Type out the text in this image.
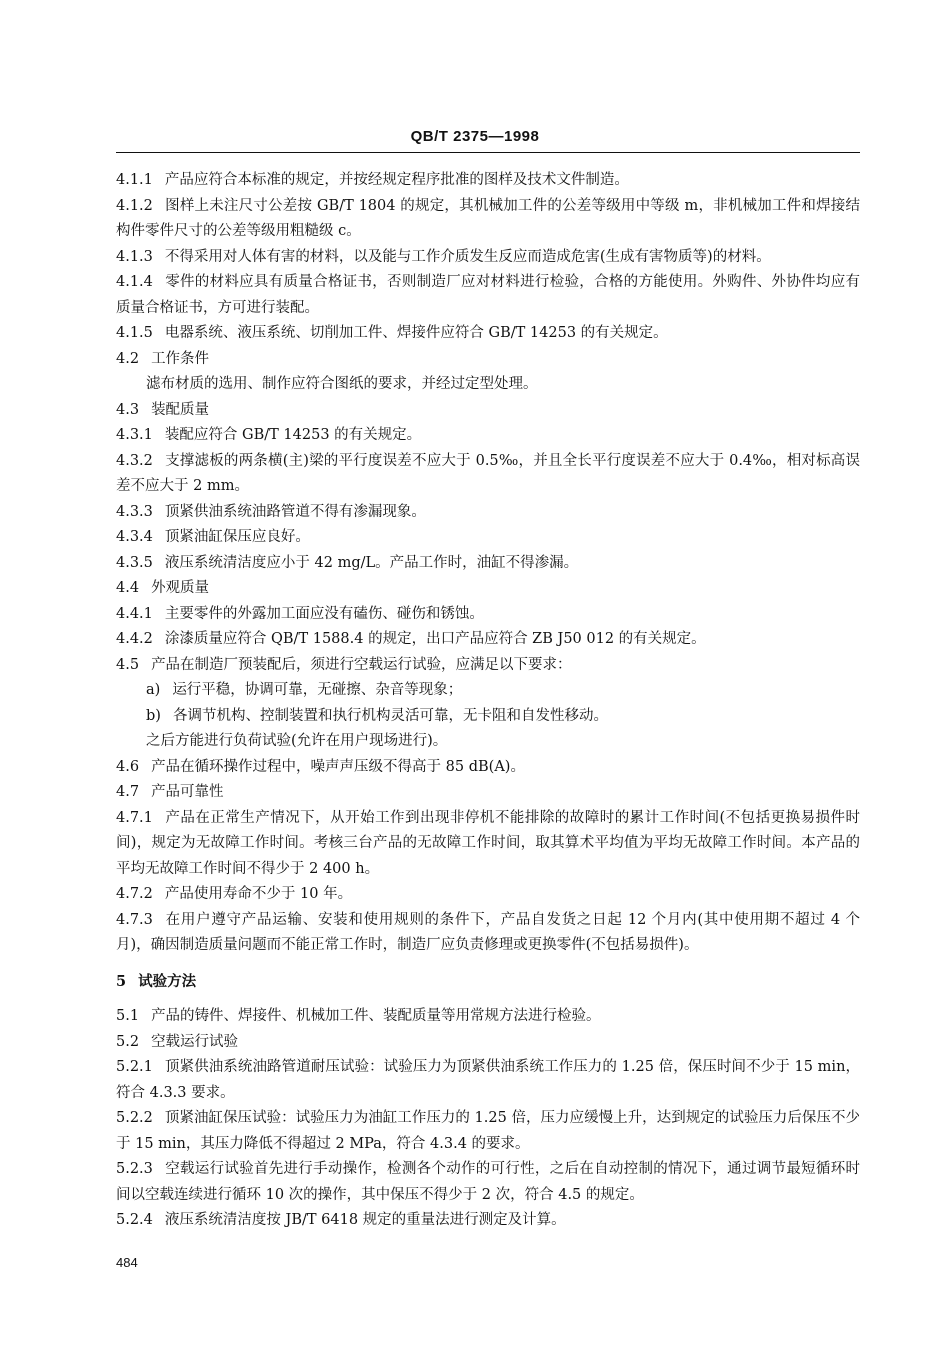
QB/T 2375—1998

4.1.1 产品应符合本标准的规定，并按经规定程序批准的图样及技术文件制造。

4.1.2 图样上未注尺寸公差按 GB/T 1804 的规定，其机械加工件的公差等级用中等级 m，非机械加工件和焊接结构件零件尺寸的公差等级用粗糙级 c。

4.1.3 不得采用对人体有害的材料，以及能与工作介质发生反应而造成危害(生成有害物质等)的材料。

4.1.4 零件的材料应具有质量合格证书，否则制造厂应对材料进行检验，合格的方能使用。外购件、外协件均应有质量合格证书，方可进行装配。

4.1.5 电器系统、液压系统、切削加工件、焊接件应符合 GB/T 14253 的有关规定。

4.2 工作条件

滤布材质的选用、制作应符合图纸的要求，并经过定型处理。

4.3 装配质量

4.3.1 装配应符合 GB/T 14253 的有关规定。

4.3.2 支撑滤板的两条横(主)梁的平行度误差不应大于 0.5‰，并且全长平行度误差不应大于 0.4‰，相对标高误差不应大于 2 mm。

4.3.3 顶紧供油系统油路管道不得有渗漏现象。

4.3.4 顶紧油缸保压应良好。

4.3.5 液压系统清洁度应小于 42 mg/L。产品工作时，油缸不得渗漏。

4.4 外观质量

4.4.1 主要零件的外露加工面应没有磕伤、碰伤和锈蚀。

4.4.2 涂漆质量应符合 QB/T 1588.4 的规定，出口产品应符合 ZB J50 012 的有关规定。

4.5 产品在制造厂预装配后，须进行空载运行试验，应满足以下要求：

a) 运行平稳，协调可靠，无碰擦、杂音等现象；

b) 各调节机构、控制装置和执行机构灵活可靠，无卡阻和自发性移动。

之后方能进行负荷试验(允许在用户现场进行)。

4.6 产品在循环操作过程中，噪声声压级不得高于 85 dB(A)。

4.7 产品可靠性

4.7.1 产品在正常生产情况下，从开始工作到出现非停机不能排除的故障时的累计工作时间(不包括更换易损件时间)，规定为无故障工作时间。考核三台产品的无故障工作时间，取其算术平均值为平均无故障工作时间。本产品的平均无故障工作时间不得少于 2 400 h。

4.7.2 产品使用寿命不少于 10 年。

4.7.3 在用户遵守产品运输、安装和使用规则的条件下，产品自发货之日起 12 个月内(其中使用期不超过 4 个月)，确因制造质量问题而不能正常工作时，制造厂应负责修理或更换零件(不包括易损件)。

5 试验方法

5.1 产品的铸件、焊接件、机械加工件、装配质量等用常规方法进行检验。

5.2 空载运行试验

5.2.1 顶紧供油系统油路管道耐压试验：试验压力为顶紧供油系统工作压力的 1.25 倍，保压时间不少于 15 min，符合 4.3.3 要求。

5.2.2 顶紧油缸保压试验：试验压力为油缸工作压力的 1.25 倍，压力应缓慢上升，达到规定的试验压力后保压不少于 15 min，其压力降低不得超过 2 MPa，符合 4.3.4 的要求。

5.2.3 空载运行试验首先进行手动操作，检测各个动作的可行性，之后在自动控制的情况下，通过调节最短循环时间以空载连续进行循环 10 次的操作，其中保压不得少于 2 次，符合 4.5 的规定。

5.2.4 液压系统清洁度按 JB/T 6418 规定的重量法进行测定及计算。

484
